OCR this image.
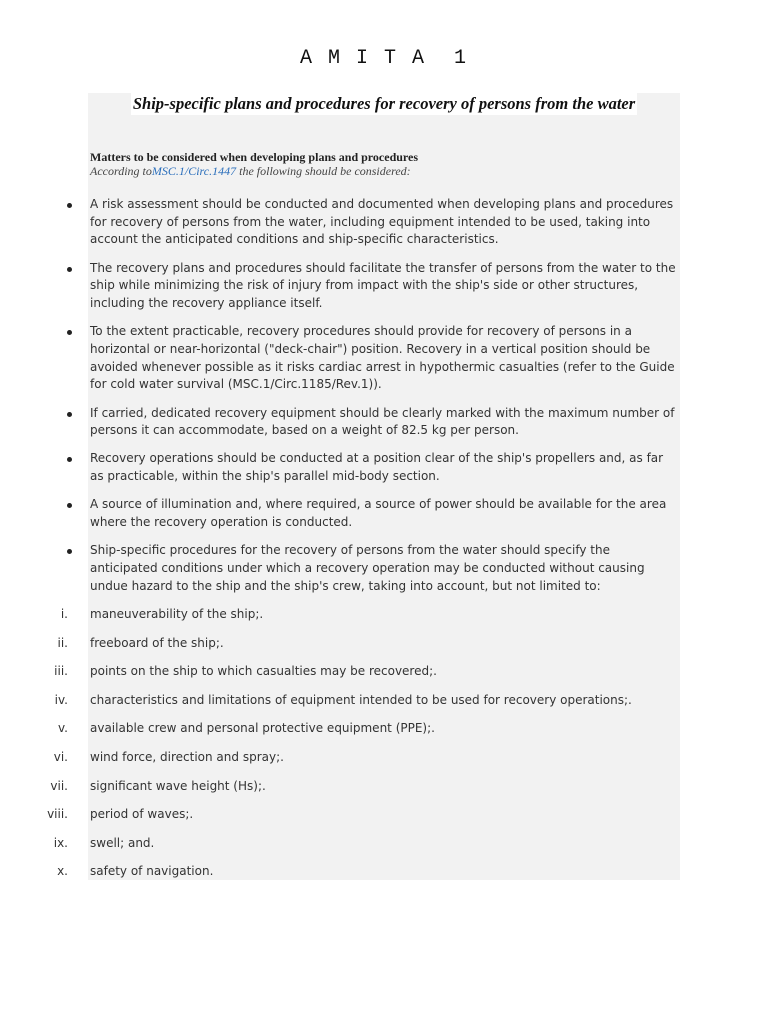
A M I T A  1
Ship-specific plans and procedures for recovery of persons from the water
Matters to be considered when developing plans and procedures
According toMSC.1/Circ.1447 the following should be considered:
A risk assessment should be conducted and documented when developing plans and procedures for recovery of persons from the water, including equipment intended to be used, taking into account the anticipated conditions and ship-specific characteristics.
The recovery plans and procedures should facilitate the transfer of persons from the water to the ship while minimizing the risk of injury from impact with the ship's side or other structures, including the recovery appliance itself.
To the extent practicable, recovery procedures should provide for recovery of persons in a horizontal or near-horizontal ("deck-chair") position. Recovery in a vertical position should be avoided whenever possible as it risks cardiac arrest in hypothermic casualties (refer to the Guide for cold water survival (MSC.1/Circ.1185/Rev.1)).
If carried, dedicated recovery equipment should be clearly marked with the maximum number of persons it can accommodate, based on a weight of 82.5 kg per person.
Recovery operations should be conducted at a position clear of the ship's propellers and, as far as practicable, within the ship's parallel mid-body section.
A source of illumination and, where required, a source of power should be available for the area where the recovery operation is conducted.
Ship-specific procedures for the recovery of persons from the water should specify the anticipated conditions under which a recovery operation may be conducted without causing undue hazard to the ship and the ship's crew, taking into account, but not limited to:
i. maneuverability of the ship;.
ii. freeboard of the ship;.
iii. points on the ship to which casualties may be recovered;.
iv. characteristics and limitations of equipment intended to be used for recovery operations;.
v. available crew and personal protective equipment (PPE);.
vi. wind force, direction and spray;.
vii. significant wave height (Hs);.
viii. period of waves;.
ix. swell; and.
x. safety of navigation.
